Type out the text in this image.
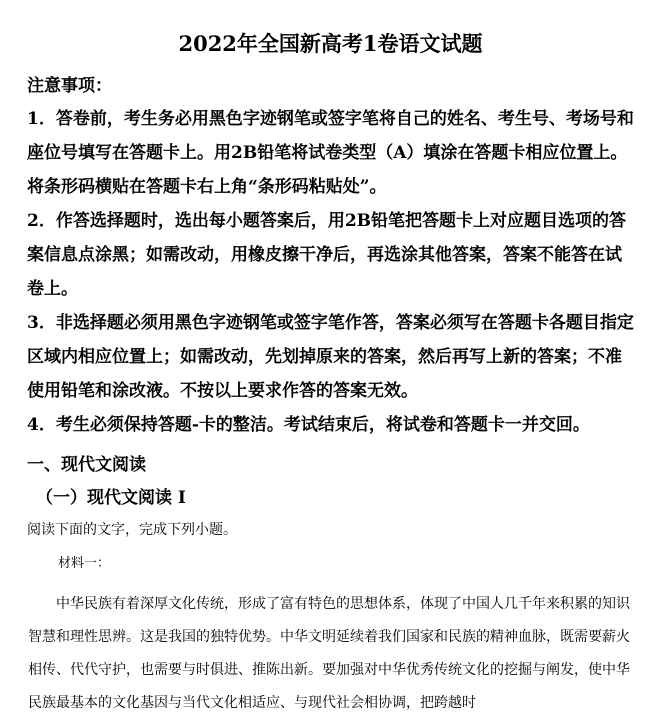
2022年全国新高考1卷语文试题
注意事项：
1．答卷前，考生务必用黑色字迹钢笔或签字笔将自己的姓名、考生号、考场号和座位号填写在答题卡上。用2B铅笔将试卷类型（A）填涂在答题卡相应位置上。将条形码横贴在答题卡右上角“条形码粘贴处”。
2．作答选择题时，选出每小题答案后，用2B铅笔把答题卡上对应题目选项的答案信息点涂黑；如需改动，用橡皮擦干净后，再选涂其他答案，答案不能答在试卷上。
3．非选择题必须用黑色字迹钢笔或签字笔作答，答案必须写在答题卡各题目指定区域内相应位置上；如需改动，先划掉原来的答案，然后再写上新的答案；不准使用铅笔和涂改液。不按以上要求作答的答案无效。
4．考生必须保持答题-卡的整洁。考试结束后，将试卷和答题卡一并交回。
一、现代文阅读
（一）现代文阅读 I
阅读下面的文字，完成下列小题。
材料一：
中华民族有着深厚文化传统，形成了富有特色的思想体系，体现了中国人几千年来积累的知识智慧和理性思辨。这是我国的独特优势。中华文明延续着我们国家和民族的精神血脉，既需要薪火相传、代代守护，也需要与时俱进、推陈出新。要加强对中华优秀传统文化的挖掘与阐发，使中华民族最基本的文化基因与当代文化相适应、与现代社会相协调，把跨越时
